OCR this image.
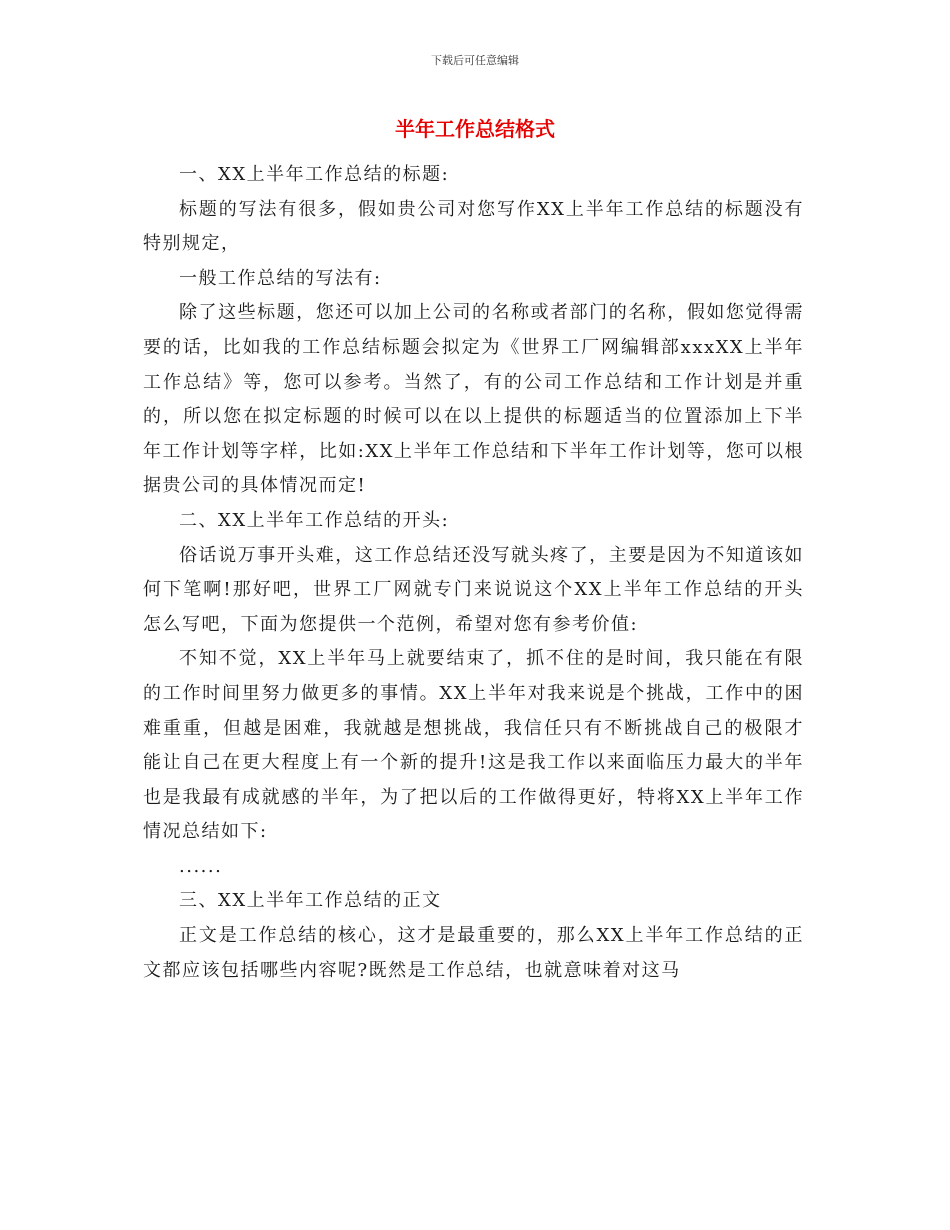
下载后可任意编辑
半年工作总结格式

一、XX上半年工作总结的标题:

标题的写法有很多，假如贵公司对您写作XX上半年工作总结的标题没有特别规定，

一般工作总结的写法有:

除了这些标题，您还可以加上公司的名称或者部门的名称，假如您觉得需要的话，比如我的工作总结标题会拟定为《世界工厂网编辑部xxxXX上半年工作总结》等，您可以参考。当然了，有的公司工作总结和工作计划是并重的，所以您在拟定标题的时候可以在以上提供的标题适当的位置添加上下半年工作计划等字样，比如:XX上半年工作总结和下半年工作计划等，您可以根据贵公司的具体情况而定!

二、XX上半年工作总结的开头:

俗话说万事开头难，这工作总结还没写就头疼了，主要是因为不知道该如何下笔啊!那好吧，世界工厂网就专门来说说这个XX上半年工作总结的开头怎么写吧，下面为您提供一个范例，希望对您有参考价值:

不知不觉，XX上半年马上就要结束了，抓不住的是时间，我只能在有限的工作时间里努力做更多的事情。XX上半年对我来说是个挑战，工作中的困难重重，但越是困难，我就越是想挑战，我信任只有不断挑战自己的极限才能让自己在更大程度上有一个新的提升!这是我工作以来面临压力最大的半年也是我最有成就感的半年，为了把以后的工作做得更好，特将XX上半年工作情况总结如下:

......

三、XX上半年工作总结的正文

正文是工作总结的核心，这才是最重要的，那么XX上半年工作总结的正文都应该包括哪些内容呢?既然是工作总结，也就意味着对这马
